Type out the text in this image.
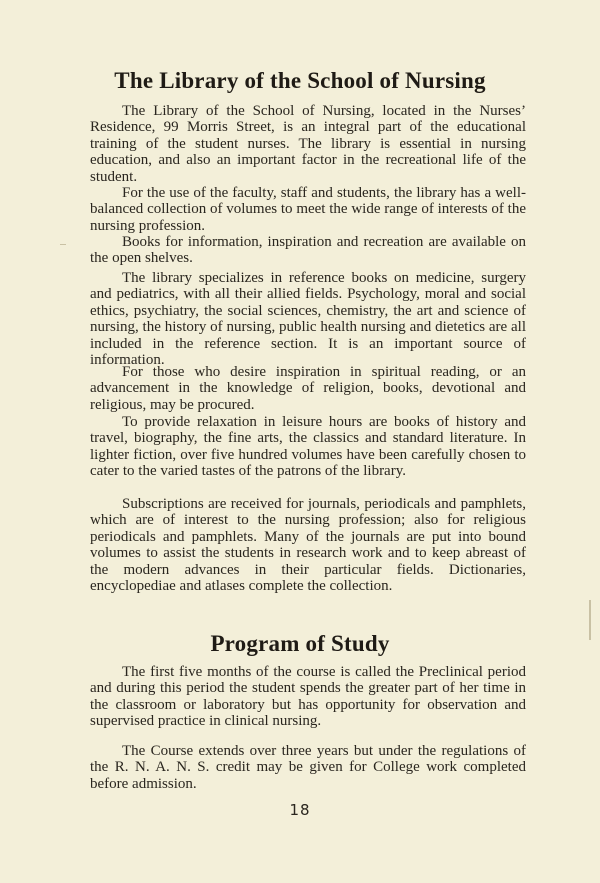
The Library of the School of Nursing

The Library of the School of Nursing, located in the Nurses’ Residence, 99 Morris Street, is an integral part of the educational training of the student nurses. The library is essential in nursing education, and also an important factor in the recreational life of the student.

For the use of the faculty, staff and students, the library has a well-balanced collection of volumes to meet the wide range of interests of the nursing profession.

Books for information, inspiration and recreation are available on the open shelves.

The library specializes in reference books on medicine, surgery and pediatrics, with all their allied fields. Psychology, moral and social ethics, psychiatry, the social sciences, chemistry, the art and science of nursing, the history of nursing, public health nursing and dietetics are all included in the reference section. It is an important source of information.

For those who desire inspiration in spiritual reading, or an advancement in the knowledge of religion, books, devotional and religious, may be procured.

To provide relaxation in leisure hours are books of history and travel, biography, the fine arts, the classics and standard literature. In lighter fiction, over five hundred volumes have been carefully chosen to cater to the varied tastes of the patrons of the library.

Subscriptions are received for journals, periodicals and pamphlets, which are of interest to the nursing profession; also for religious periodicals and pamphlets. Many of the journals are put into bound volumes to assist the students in research work and to keep abreast of the modern advances in their particular fields. Dictionaries, encyclopediae and atlases complete the collection.

Program of Study

The first five months of the course is called the Preclinical period and during this period the student spends the greater part of her time in the classroom or laboratory but has opportunity for observation and supervised practice in clinical nursing.

The Course extends over three years but under the regulations of the R. N. A. N. S. credit may be given for College work completed before admission.

18
